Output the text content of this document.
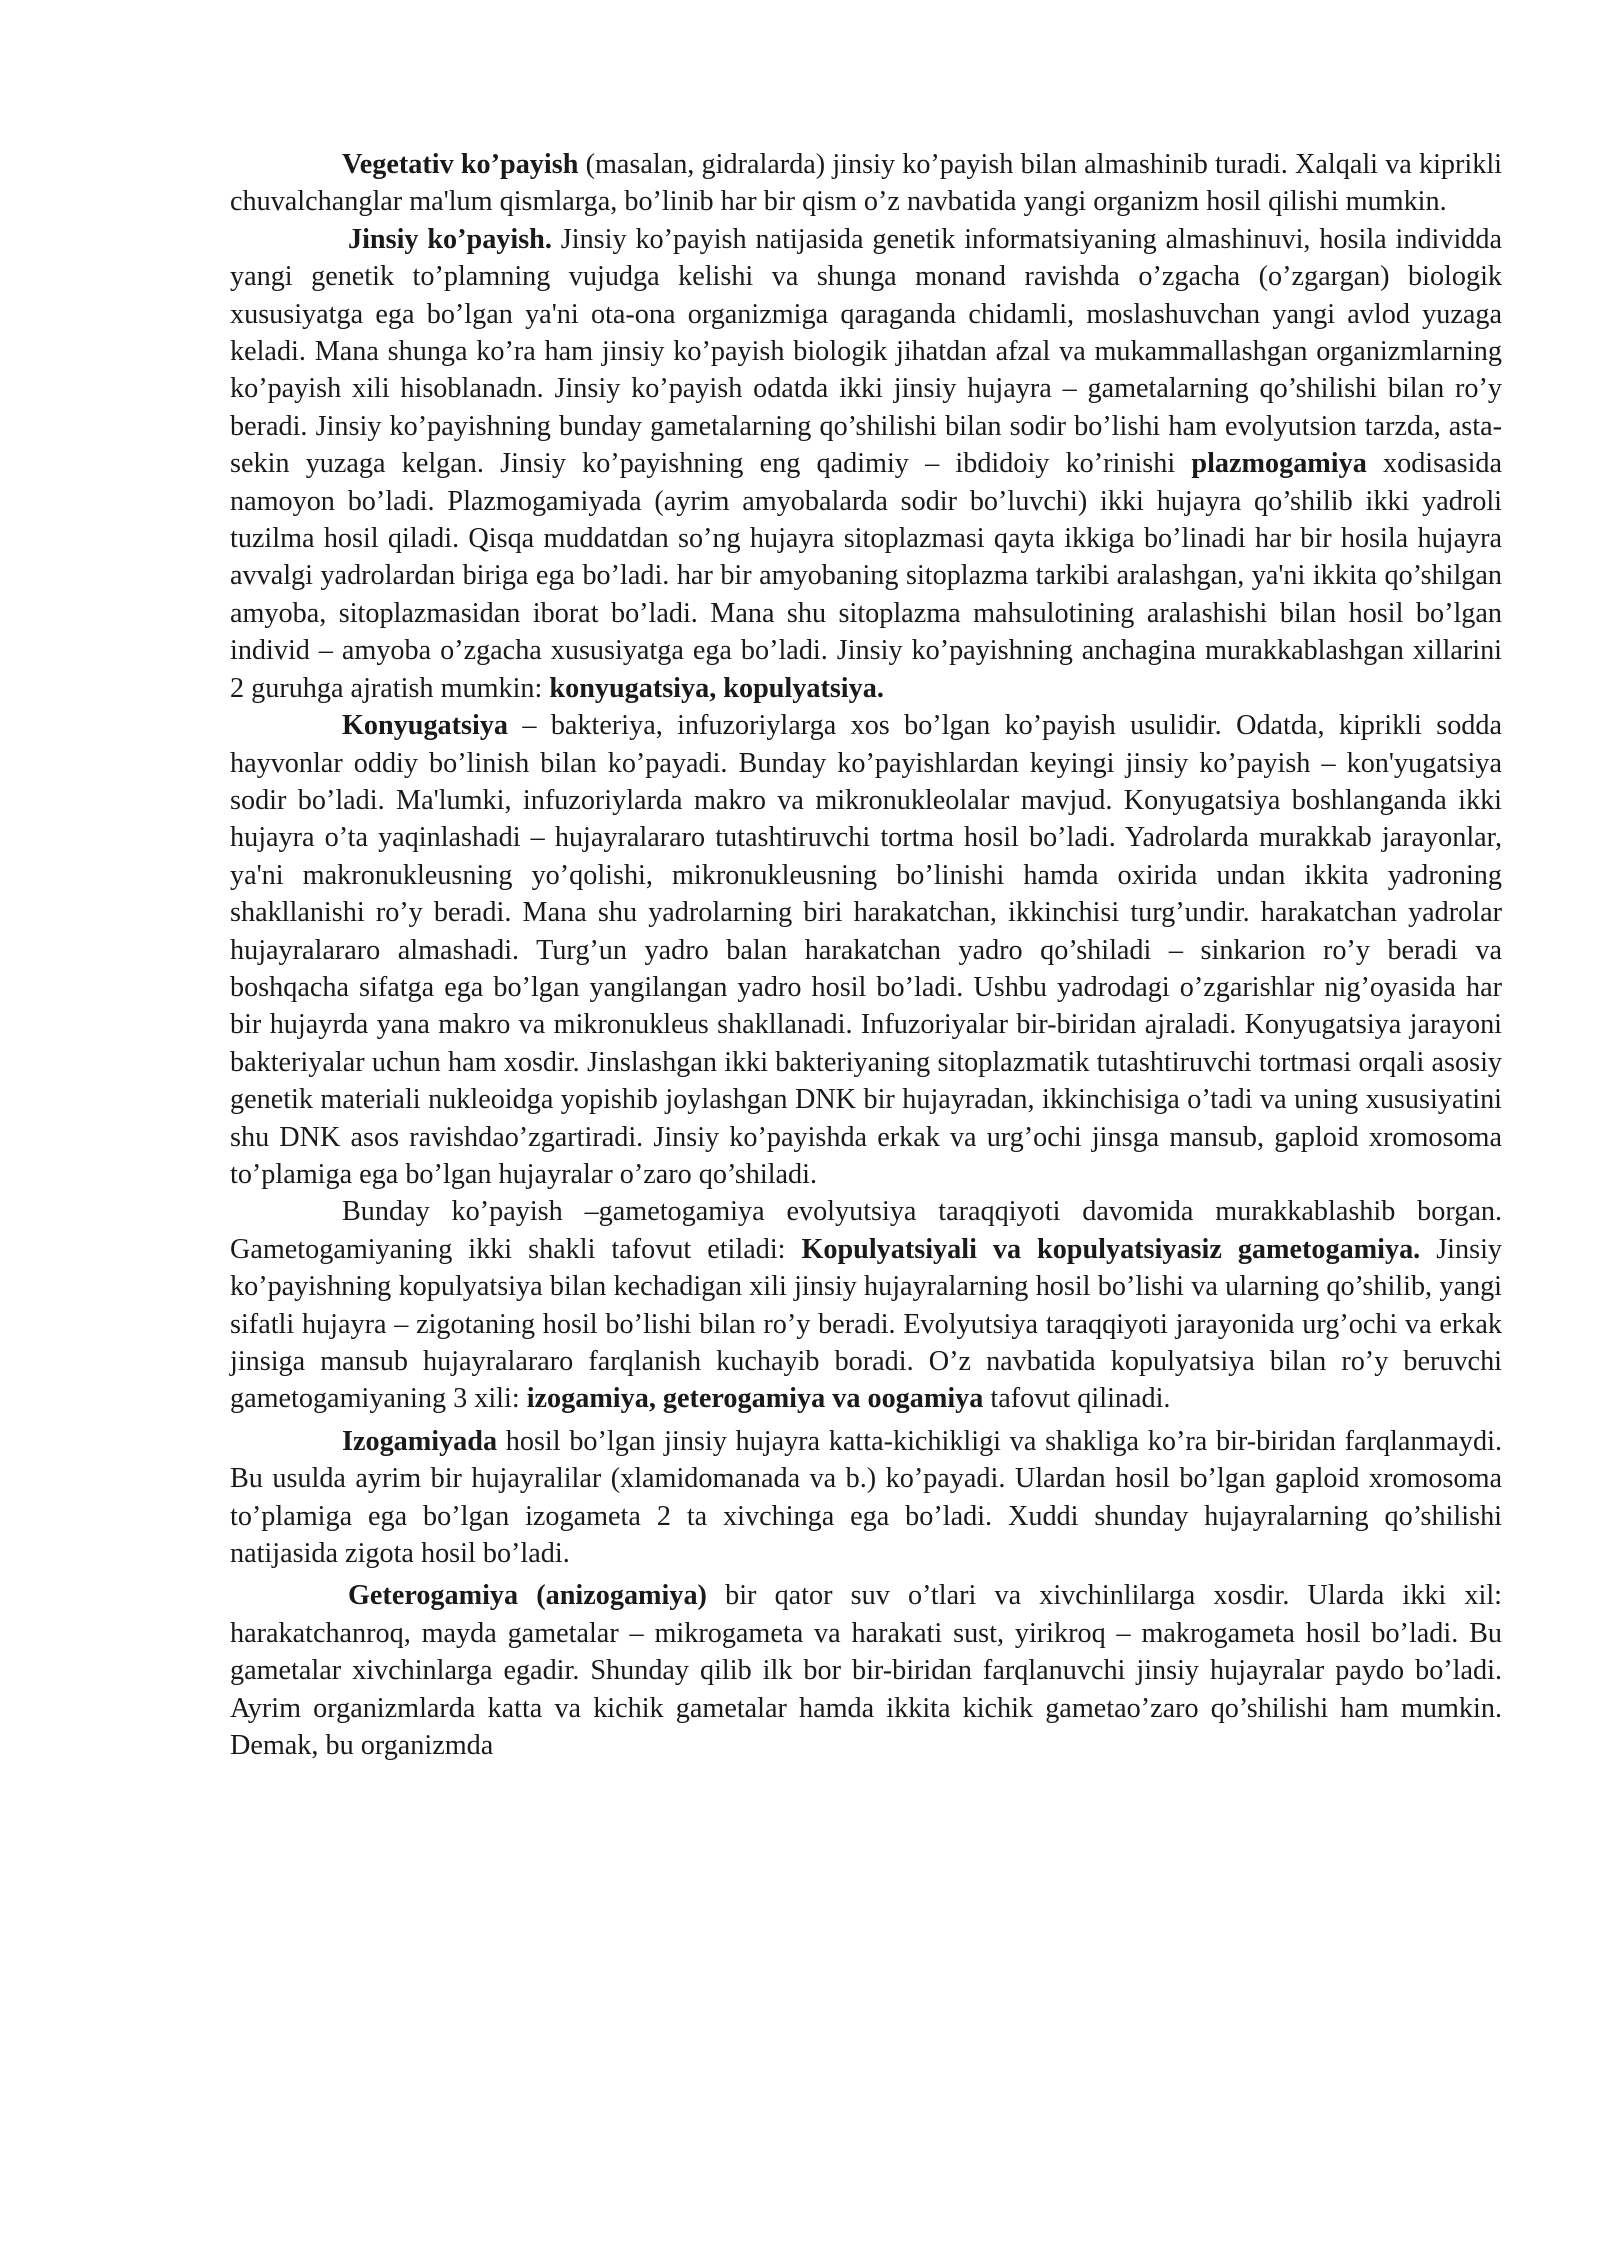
Vegetativ ko’payish (masalan, gidralarda) jinsiy ko’payish bilan almashinib turadi. Xalqali va kiprikli chuvalchanglar ma'lum qismlarga, bo’linib har bir qism o’z navbatida yangi organizm hosil qilishi mumkin.

Jinsiy ko’payish. Jinsiy ko’payish natijasida genetik informatsiyaning almashinuvi, hosila individda yangi genetik to’plamning vujudga kelishi va shunga monand ravishda o’zgacha (o’zgargan) biologik xususiyatga ega bo’lgan ya'ni ota-ona organizmiga qaraganda chidamli, moslashuvchan yangi avlod yuzaga keladi. Mana shunga ko’ra ham jinsiy ko’payish biologik jihatdan afzal va mukammallashgan organizmlarning ko’payish xili hisoblanadn. Jinsiy ko’payish odatda ikki jinsiy hujayra – gametalarning qo’shilishi bilan ro’y beradi. Jinsiy ko’payishning bunday gametalarning qo’shilishi bilan sodir bo’lishi ham evolyutsion tarzda, asta-sekin yuzaga kelgan. Jinsiy ko’payishning eng qadimiy – ibdidoiy ko’rinishi plazmogamiya xodisasida namoyon bo’ladi. Plazmogamiyada (ayrim amyobalarda sodir bo’luvchi) ikki hujayra qo’shilib ikki yadroli tuzilma hosil qiladi. Qisqa muddatdan so’ng hujayra sitoplazmasi qayta ikkiga bo’linadi har bir hosila hujayra avvalgi yadrolardan biriga ega bo’ladi. har bir amyobaning sitoplazma tarkibi aralashgan, ya'ni ikkita qo’shilgan amyoba, sitoplazmasidan iborat bo’ladi. Mana shu sitoplazma mahsulotining aralashishi bilan hosil bo’lgan individ – amyoba o’zgacha xususiyatga ega bo’ladi. Jinsiy ko’payishning anchagina murakkablashgan xillarini 2 guruhga ajratish mumkin: konyugatsiya, kopulyatsiya.

Konyugatsiya – bakteriya, infuzoriylarga xos bo’lgan ko’payish usulidir. Odatda, kiprikli sodda hayvonlar oddiy bo’linish bilan ko’payadi. Bunday ko’payishlardan keyingi jinsiy ko’payish – kon'yugatsiya sodir bo’ladi. Ma'lumki, infuzoriylarda makro va mikronukleolalar mavjud. Konyugatsiya boshlanganda ikki hujayra o’ta yaqinlashadi – hujayralararo tutashtiruvchi tortma hosil bo’ladi. Yadrolarda murakkab jarayonlar, ya'ni makronukleusning yo’qolishi, mikronukleusning bo’linishi hamda oxirida undan ikkita yadroning shakllanishi ro’y beradi. Mana shu yadrolarning biri harakatchan, ikkinchisi turg’undir. harakatchan yadrolar hujayralararo almashadi. Turg’un yadro balan harakatchan yadro qo’shiladi – sinkarion ro’y beradi va boshqacha sifatga ega bo’lgan yangilangan yadro hosil bo’ladi. Ushbu yadrodagi o’zgarishlar nig’oyasida har bir hujayrda yana makro va mikronukleus shakllanadi. Infuzoriyalar bir-biridan ajraladi. Konyugatsiya jarayoni bakteriyalar uchun ham xosdir. Jinslashgan ikki bakteriyaning sitoplazmatik tutashtiruvchi tortmasi orqali asosiy genetik materiali nukleoidga yopishib joylashgan DNK bir hujayradan, ikkinchisiga o’tadi va uning xususiyatini shu DNK asos ravishdao’zgartiradi. Jinsiy ko’payishda erkak va urg’ochi jinsga mansub, gaploid xromosoma to’plamiga ega bo’lgan hujayralar o’zaro qo’shiladi.

Bunday ko’payish –gametogamiya evolyutsiya taraqqiyoti davomida murakkablashib borgan. Gametogamiyaning ikki shakli tafovut etiladi: Kopulyatsiyali va kopulyatsiyasiz gametogamiya. Jinsiy ko’payishning kopulyatsiya bilan kechadigan xili jinsiy hujayralarning hosil bo’lishi va ularning qo’shilib, yangi sifatli hujayra – zigotaning hosil bo’lishi bilan ro’y beradi. Evolyutsiya taraqqiyoti jarayonida urg’ochi va erkak jinsiga mansub hujayralararo farqlanish kuchayib boradi. O’z navbatida kopulyatsiya bilan ro’y beruvchi gametogamiyaning 3 xili: izogamiya, geterogamiya va oogamiya tafovut qilinadi.

Izogamiyada hosil bo’lgan jinsiy hujayra katta-kichikligi va shakliga ko’ra bir-biridan farqlanmaydi. Bu usulda ayrim bir hujayralilar (xlamidomanada va b.) ko’payadi. Ulardan hosil bo’lgan gaploid xromosoma to’plamiga ega bo’lgan izogameta 2 ta xivchinga ega bo’ladi. Xuddi shunday hujayralarning qo’shilishi natijasida zigota hosil bo’ladi.

Geterogamiya (anizogamiya) bir qator suv o’tlari va xivchinlilarga xosdir. Ularda ikki xil: harakatchanroq, mayda gametalar – mikrogameta va harakati sust, yirikroq – makrogameta hosil bo’ladi. Bu gametalar xivchinlarga egadir. Shunday qilib ilk bor bir-biridan farqlanuvchi jinsiy hujayralar paydo bo’ladi. Ayrim organizmlarda katta va kichik gametalar hamda ikkita kichik gametao’zaro qo’shilishi ham mumkin. Demak, bu organizmda
